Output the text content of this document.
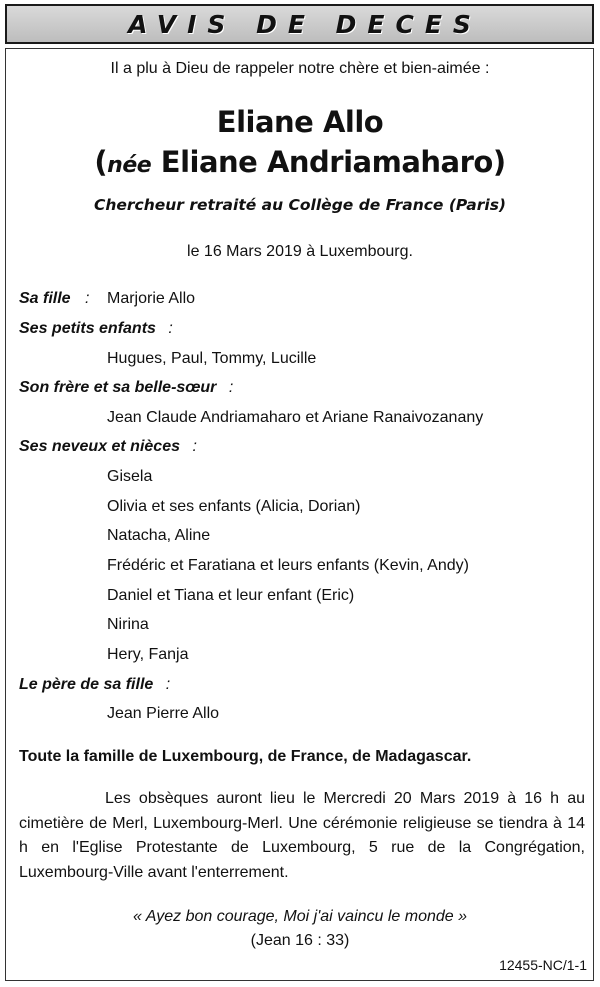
AVIS DE DECES
Il a plu à Dieu de rappeler notre chère et bien-aimée :
Eliane Allo
(née Eliane Andriamaharo)
Chercheur retraité au Collège de France (Paris)
le 16 Mars 2019 à Luxembourg.
Sa fille : Marjorie Allo
Ses petits enfants :
Hugues, Paul, Tommy, Lucille
Son frère et sa belle-sœur :
Jean Claude Andriamaharo et Ariane Ranaivozanany
Ses neveux et nièces :
Gisela
Olivia et ses enfants (Alicia, Dorian)
Natacha, Aline
Frédéric et Faratiana et leurs enfants (Kevin, Andy)
Daniel et Tiana et leur enfant (Eric)
Nirina
Hery, Fanja
Le père de sa fille :
Jean Pierre Allo
Toute la famille de Luxembourg, de France, de Madagascar.
Les obsèques auront lieu le Mercredi 20 Mars 2019 à 16 h au cimetière de Merl, Luxembourg-Merl. Une cérémonie religieuse se tiendra à 14 h en l'Eglise Protestante de Luxembourg, 5 rue de la Congrégation, Luxembourg-Ville avant l'enterrement.
« Ayez bon courage, Moi j'ai vaincu le monde »
(Jean 16 : 33)
12455-NC/1-1
